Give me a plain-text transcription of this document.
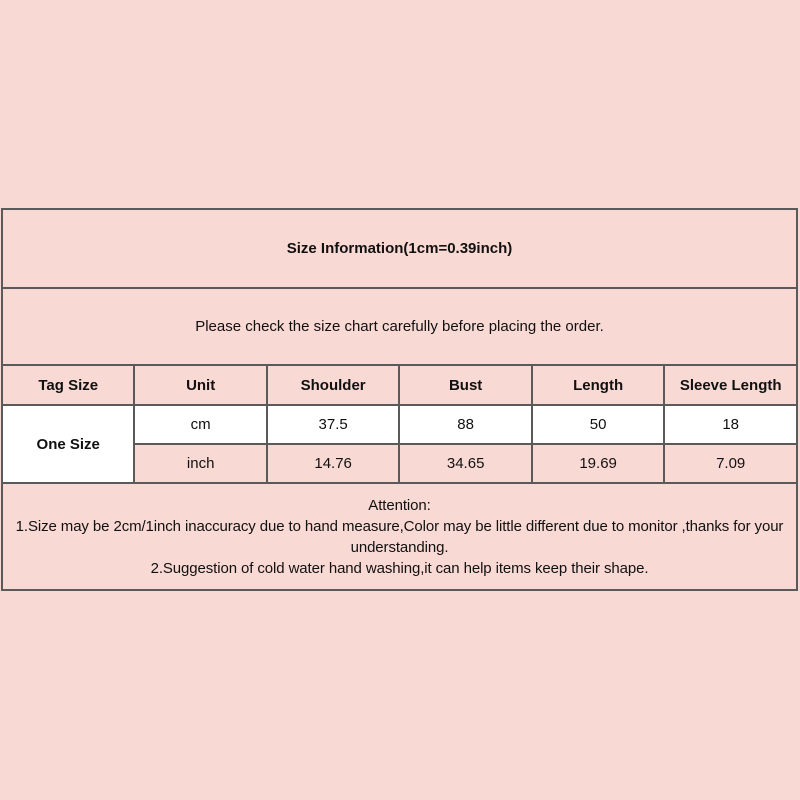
Size Information(1cm=0.39inch)					
Please check the size chart carefully before placing the order.					
Tag Size	Unit	Shoulder	Bust	Length	Sleeve Length
One Size	cm	37.5	88	50	18
	inch	14.76	34.65	19.69	7.09

Attention:
1.Size may be 2cm/1inch inaccuracy due to hand measure,Color may be little different due to monitor ,thanks for your understanding.
2.Suggestion of cold water hand washing,it can help items keep their shape.					
